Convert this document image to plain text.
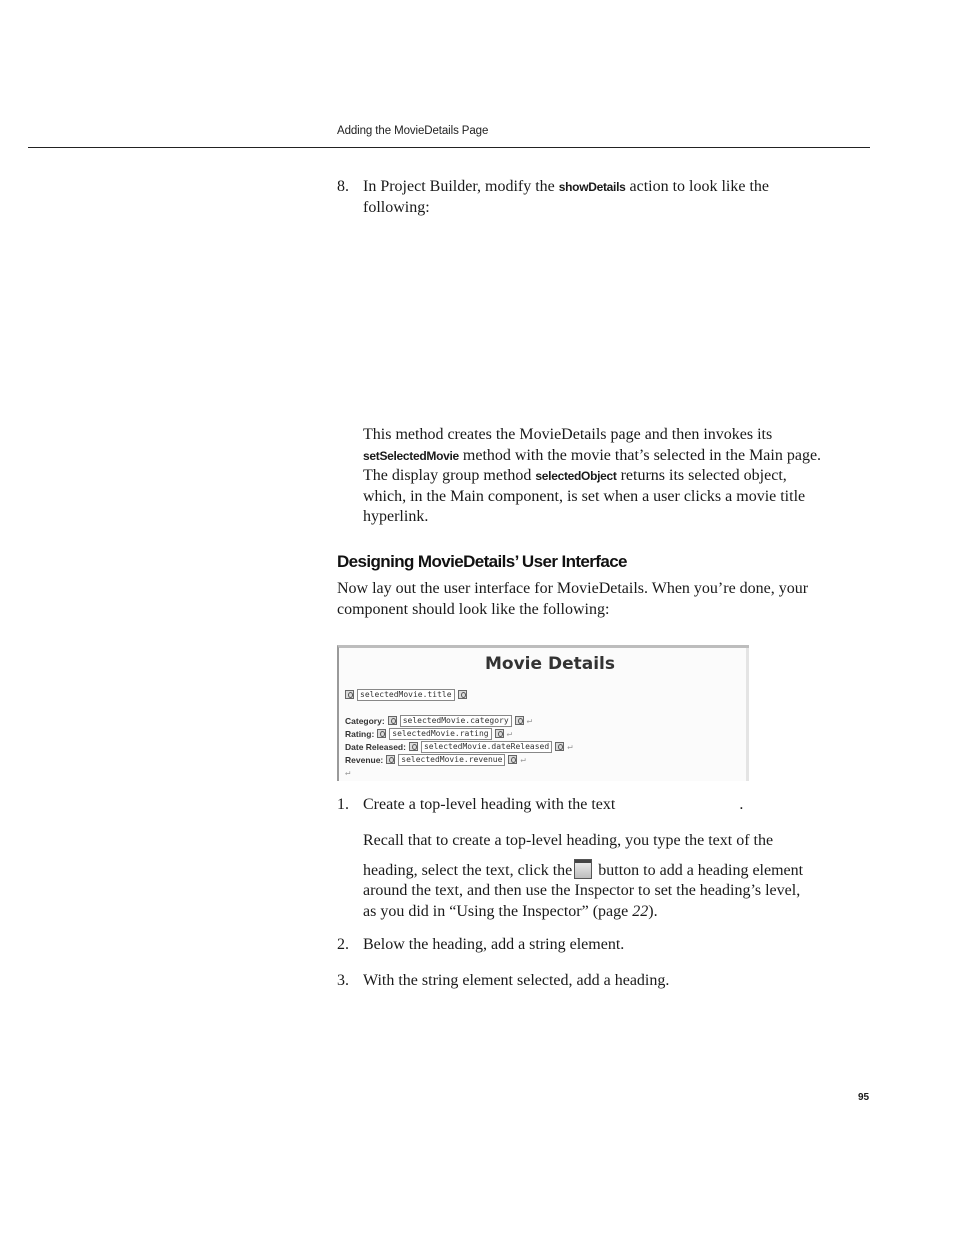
Adding the MovieDetails Page
8. In Project Builder, modify the showDetails action to look like the
following:
This method creates the MovieDetails page and then invokes its
setSelectedMovie method with the movie that’s selected in the Main page.
The display group method selectedObject returns its selected object,
which, in the Main component, is set when a user clicks a movie title
hyperlink.
Designing MovieDetails’ User Interface
Now lay out the user interface for MovieDetails. When you’re done, your
component should look like the following:
Movie Details
selectedMovie.title
Category:	selectedMovie.category	↵
Rating:	selectedMovie.rating	↵
Date Released:	selectedMovie.dateReleased	↵
Revenue:	selectedMovie.revenue	↵
↵
1. Create a top-level heading with the text	.
Recall that to create a top-level heading, you type the text of the
heading, select the text, click the button to add a heading element
around the text, and then use the Inspector to set the heading’s level,
as you did in “Using the Inspector” (page 22).
2. Below the heading, add a string element.
3. With the string element selected, add a heading.
95
